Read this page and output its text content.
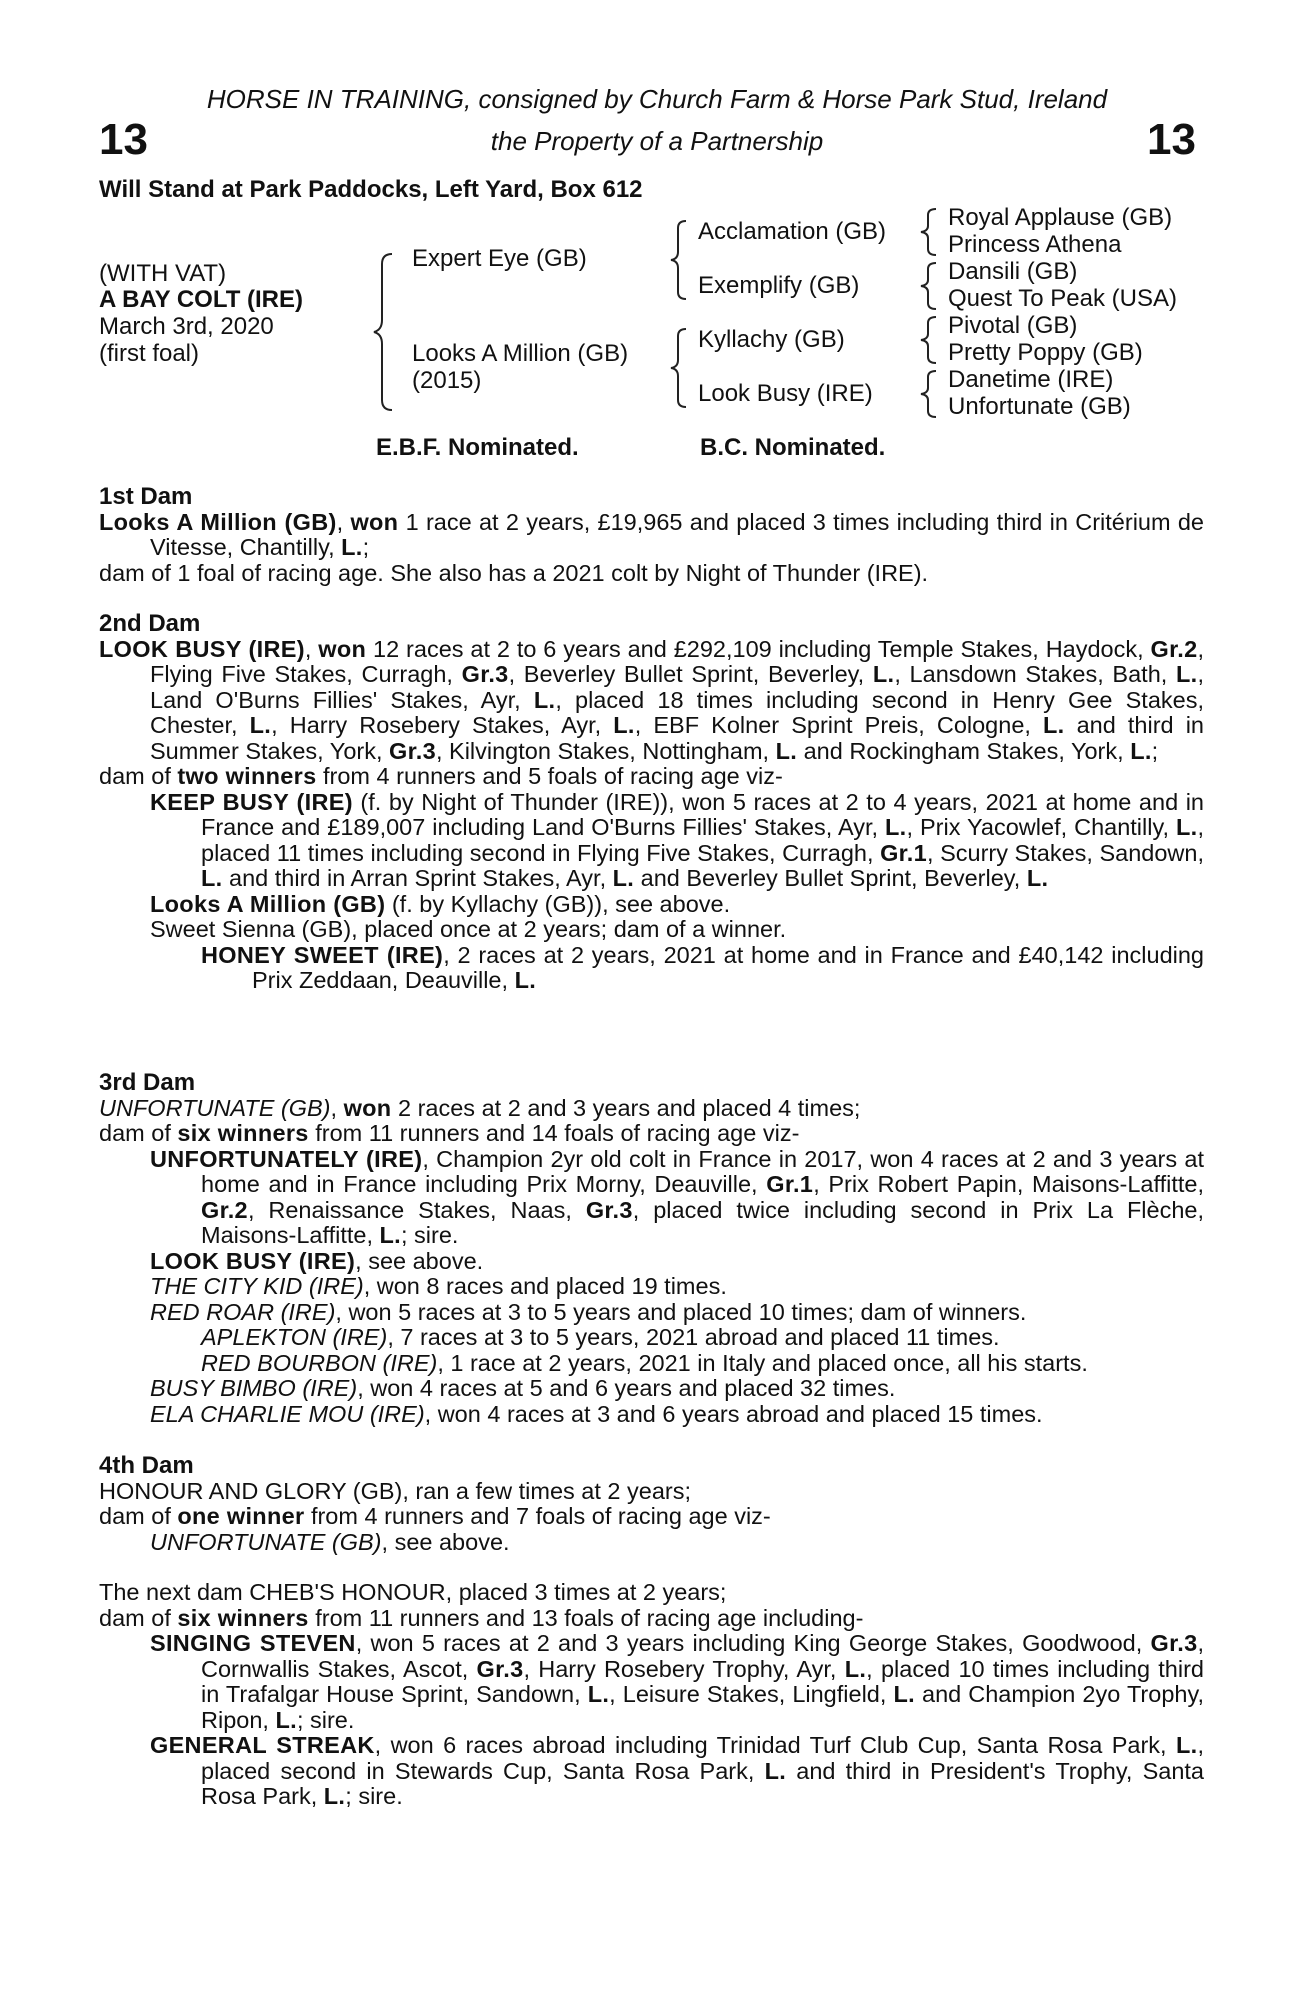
13	13
HORSE IN TRAINING, consigned by Church Farm & Horse Park Stud, Ireland
the Property of a Partnership
Will Stand at Park Paddocks, Left Yard, Box 612
(WITH VAT)
A BAY COLT (IRE)
March 3rd, 2020
(first foal)
Expert Eye (GB)
Looks A Million (GB)
(2015)
Acclamation (GB)
Exemplify (GB)
Kyllachy (GB)
Look Busy (IRE)
Royal Applause (GB)
Princess Athena
Dansili (GB)
Quest To Peak (USA)
Pivotal (GB)
Pretty Poppy (GB)
Danetime (IRE)
Unfortunate (GB)
E.B.F. Nominated.	B.C. Nominated.

1st Dam

Looks A Million (GB), won 1 race at 2 years, £19,965 and placed 3 times including third in Critérium de Vitesse, Chantilly, L.;

dam of 1 foal of racing age. She also has a 2021 colt by Night of Thunder (IRE).

2nd Dam

LOOK BUSY (IRE), won 12 races at 2 to 6 years and £292,109 including Temple Stakes, Haydock, Gr.2, Flying Five Stakes, Curragh, Gr.3, Beverley Bullet Sprint, Beverley, L., Lansdown Stakes, Bath, L., Land O'Burns Fillies' Stakes, Ayr, L., placed 18 times including second in Henry Gee Stakes, Chester, L., Harry Rosebery Stakes, Ayr, L., EBF Kolner Sprint Preis, Cologne, L. and third in Summer Stakes, York, Gr.3, Kilvington Stakes, Nottingham, L. and Rockingham Stakes, York, L.;

dam of two winners from 4 runners and 5 foals of racing age viz-

KEEP BUSY (IRE) (f. by Night of Thunder (IRE)), won 5 races at 2 to 4 years, 2021 at home and in France and £189,007 including Land O'Burns Fillies' Stakes, Ayr, L., Prix Yacowlef, Chantilly, L., placed 11 times including second in Flying Five Stakes, Curragh, Gr.1, Scurry Stakes, Sandown, L. and third in Arran Sprint Stakes, Ayr, L. and Beverley Bullet Sprint, Beverley, L.

Looks A Million (GB) (f. by Kyllachy (GB)), see above.

Sweet Sienna (GB), placed once at 2 years; dam of a winner.

HONEY SWEET (IRE), 2 races at 2 years, 2021 at home and in France and £40,142 including Prix Zeddaan, Deauville, L.

3rd Dam

UNFORTUNATE (GB), won 2 races at 2 and 3 years and placed 4 times;

dam of six winners from 11 runners and 14 foals of racing age viz-

UNFORTUNATELY (IRE), Champion 2yr old colt in France in 2017, won 4 races at 2 and 3 years at home and in France including Prix Morny, Deauville, Gr.1, Prix Robert Papin, Maisons-Laffitte, Gr.2, Renaissance Stakes, Naas, Gr.3, placed twice including second in Prix La Flèche, Maisons-Laffitte, L.; sire.

LOOK BUSY (IRE), see above.

THE CITY KID (IRE), won 8 races and placed 19 times.

RED ROAR (IRE), won 5 races at 3 to 5 years and placed 10 times; dam of winners.

APLEKTON (IRE), 7 races at 3 to 5 years, 2021 abroad and placed 11 times.

RED BOURBON (IRE), 1 race at 2 years, 2021 in Italy and placed once, all his starts.

BUSY BIMBO (IRE), won 4 races at 5 and 6 years and placed 32 times.

ELA CHARLIE MOU (IRE), won 4 races at 3 and 6 years abroad and placed 15 times.

4th Dam

HONOUR AND GLORY (GB), ran a few times at 2 years;

dam of one winner from 4 runners and 7 foals of racing age viz-

UNFORTUNATE (GB), see above.

The next dam CHEB'S HONOUR, placed 3 times at 2 years;

dam of six winners from 11 runners and 13 foals of racing age including-

SINGING STEVEN, won 5 races at 2 and 3 years including King George Stakes, Goodwood, Gr.3, Cornwallis Stakes, Ascot, Gr.3, Harry Rosebery Trophy, Ayr, L., placed 10 times including third in Trafalgar House Sprint, Sandown, L., Leisure Stakes, Lingfield, L. and Champion 2yo Trophy, Ripon, L.; sire.

GENERAL STREAK, won 6 races abroad including Trinidad Turf Club Cup, Santa Rosa Park, L., placed second in Stewards Cup, Santa Rosa Park, L. and third in President's Trophy, Santa Rosa Park, L.; sire.
